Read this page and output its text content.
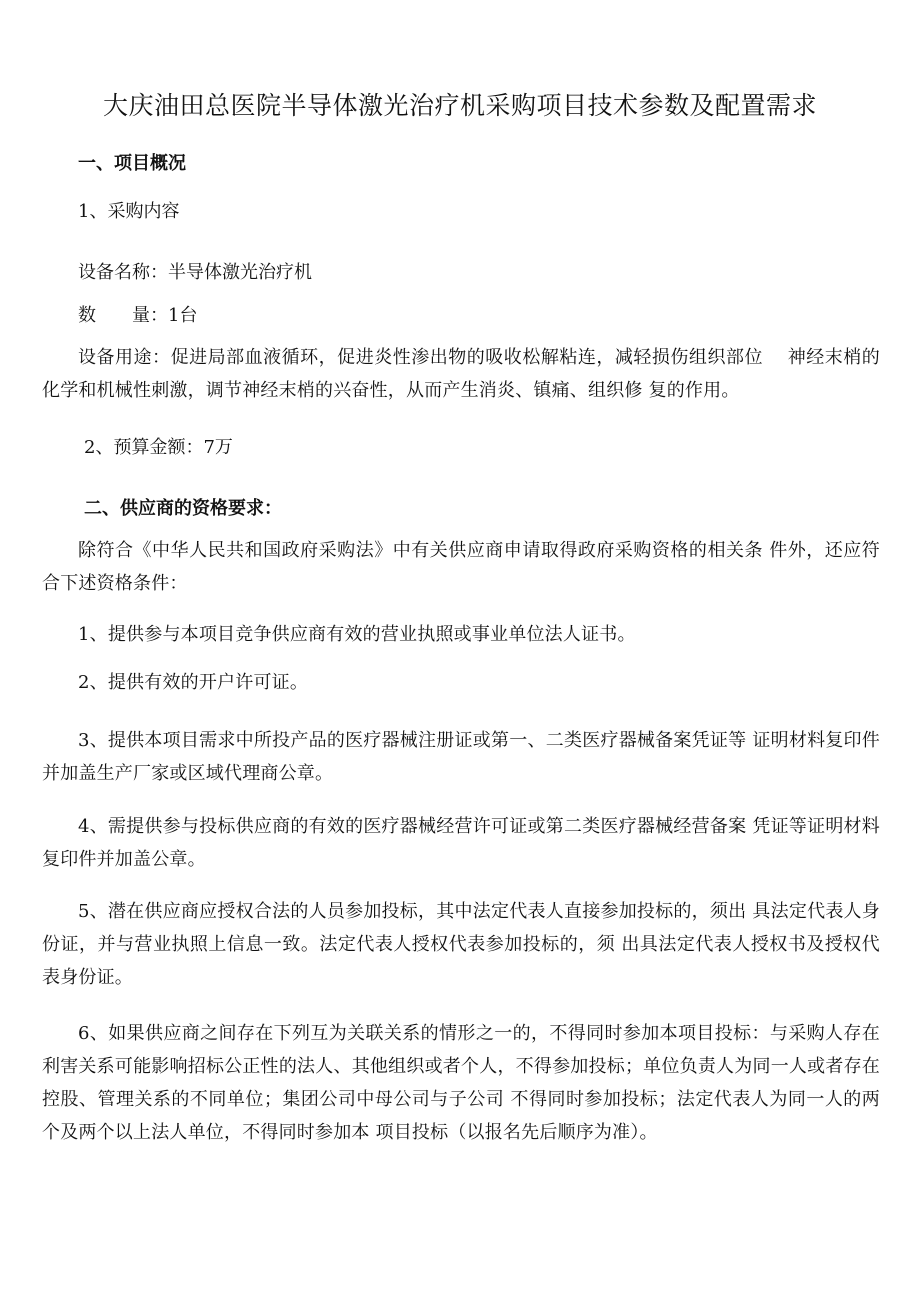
大庆油田总医院半导体激光治疗机采购项目技术参数及配置需求
一、项目概况
1、采购内容
设备名称：半导体激光治疗机
数　　量：1台
设备用途：促进局部血液循环，促进炎性渗出物的吸收松解粘连，减轻损伤组织部位　 神经末梢的化学和机械性刺激，调节神经末梢的兴奋性，从而产生消炎、镇痛、组织修 复的作用。
2、预算金额：7万
二、供应商的资格要求：
除符合《中华人民共和国政府采购法》中有关供应商申请取得政府采购资格的相关条 件外，还应符合下述资格条件：
1、提供参与本项目竞争供应商有效的营业执照或事业单位法人证书。
2、提供有效的开户许可证。
3、提供本项目需求中所投产品的医疗器械注册证或第一、二类医疗器械备案凭证等 证明材料复印件并加盖生产厂家或区域代理商公章。
4、需提供参与投标供应商的有效的医疗器械经营许可证或第二类医疗器械经营备案 凭证等证明材料复印件并加盖公章。
5、潜在供应商应授权合法的人员参加投标，其中法定代表人直接参加投标的，须出 具法定代表人身份证，并与营业执照上信息一致。法定代表人授权代表参加投标的，须 出具法定代表人授权书及授权代表身份证。
6、如果供应商之间存在下列互为关联关系的情形之一的，不得同时参加本项目投标：与采购人存在利害关系可能影响招标公正性的法人、其他组织或者个人，不得参加投标；单位负责人为同一人或者存在控股、管理关系的不同单位；集团公司中母公司与子公司 不得同时参加投标；法定代表人为同一人的两个及两个以上法人单位，不得同时参加本 项目投标（以报名先后顺序为准）。
